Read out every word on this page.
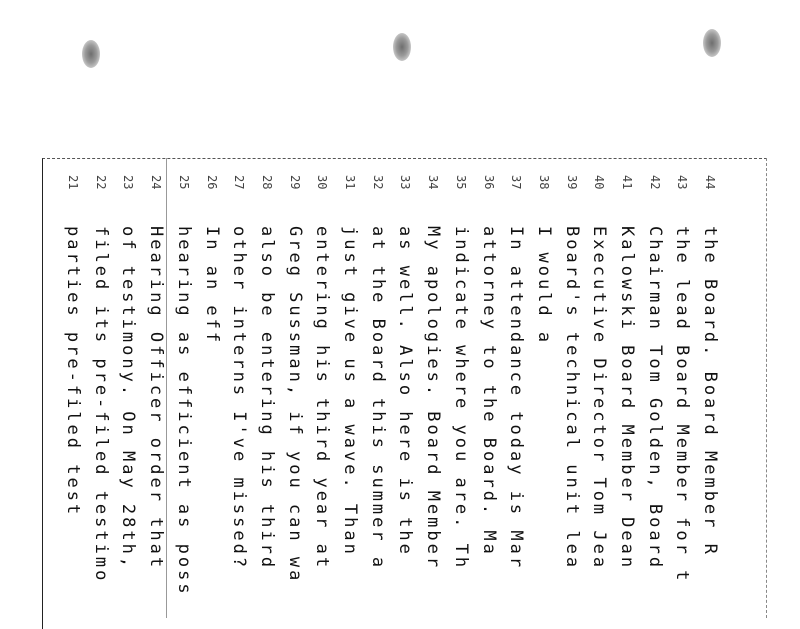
21
parties pre-filed test
22
filed its pre-filed testimo
23
of testimony. On May 28th,
24
Hearing Officer order that
25
hearing as efficient as poss
26
In an eff
27
other interns I've missed?
28
also be entering his third
29
Greg Sussman, if you can wa
30
entering his third year at
31
just give us a wave. Than
32
at the Board this summer a
33
as well. Also here is the
34
My apologies. Board Member
35
indicate where you are. Th
36
attorney to the Board. Ma
37
In attendance today is Mar
38
I would a
39
Board's technical unit lea
40
Executive Director Tom Jea
41
Kalowski Board Member Dean
42
Chairman Tom Golden, Board
43
the lead Board Member for t
44
the Board. Board Member R
